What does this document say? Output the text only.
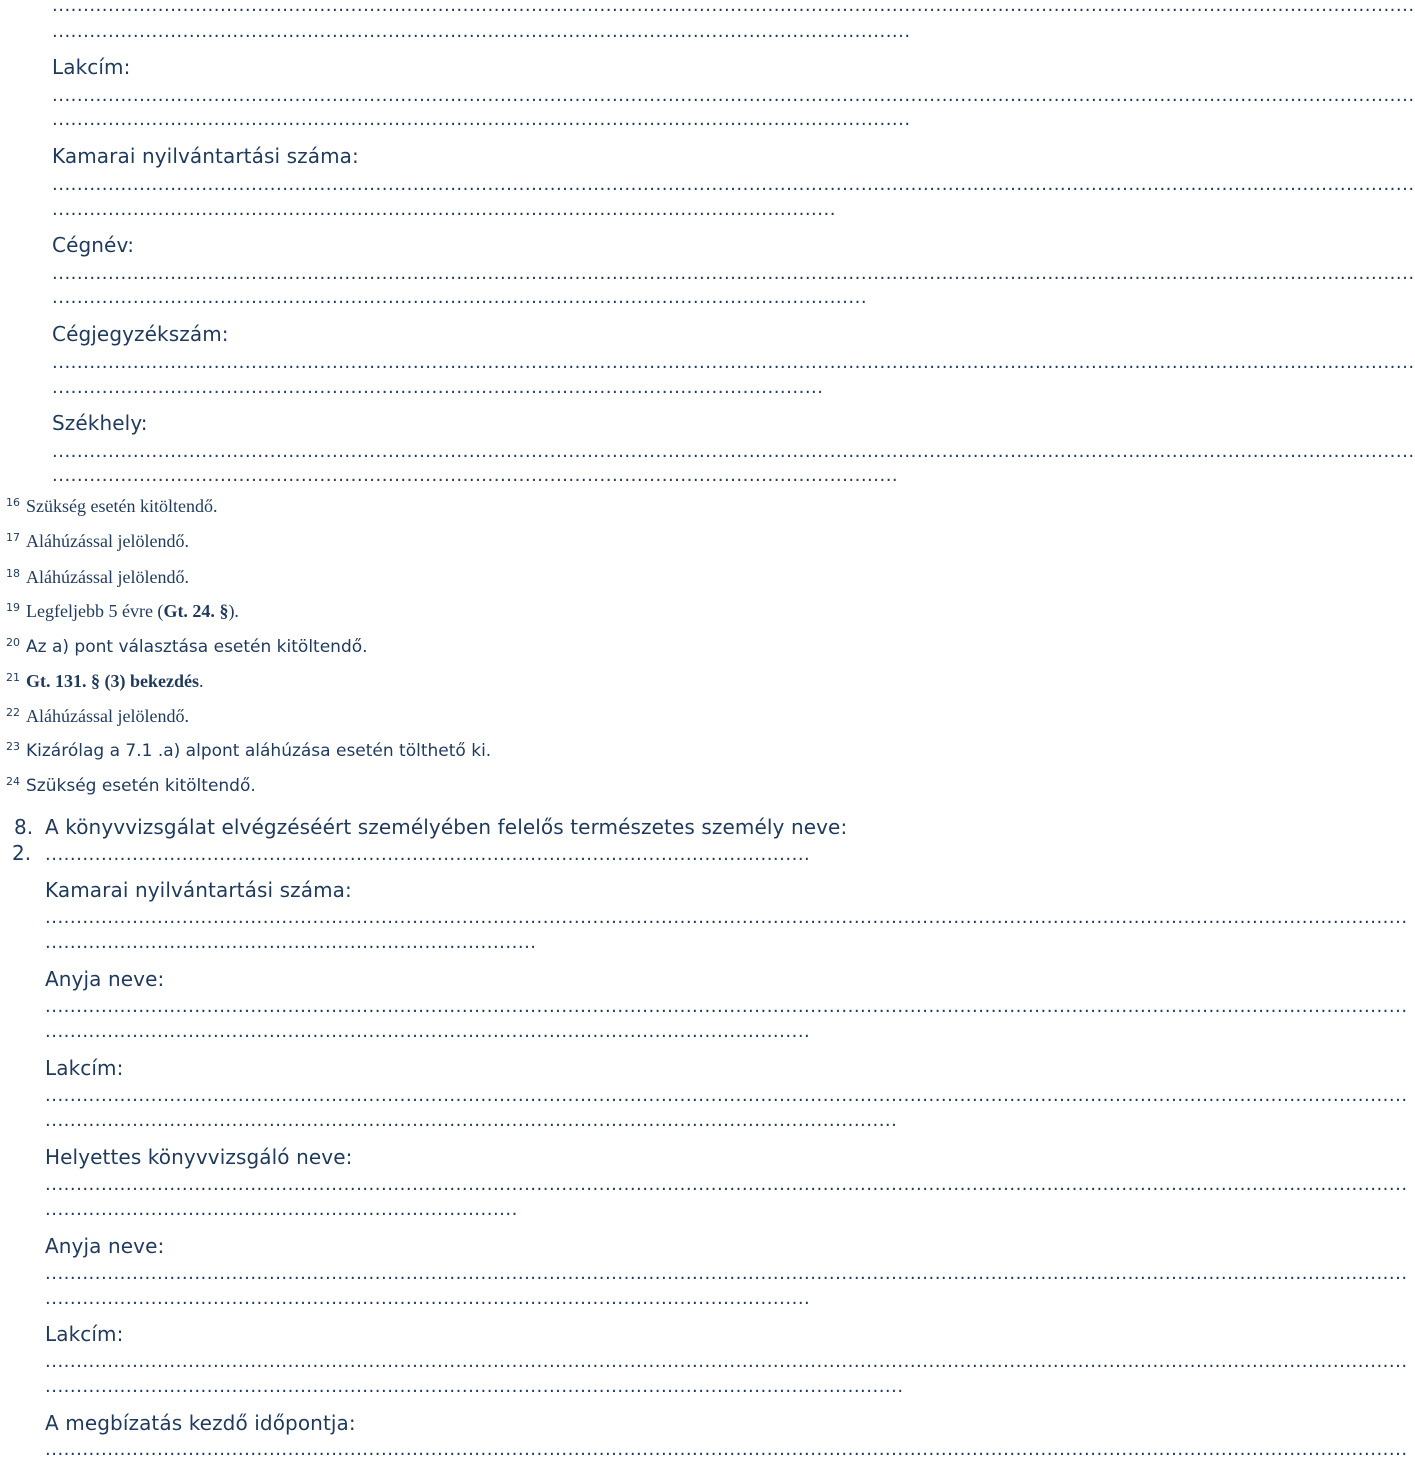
...........................................................................................................................................................................................................................
..........................................................................................................................................
Lakcím:
...........................................................................................................................................................................................................................
..........................................................................................................................................
Kamarai nyilvántartási száma:
...........................................................................................................................................................................................................................
..............................................................................................................................
Cégnév:
...........................................................................................................................................................................................................................
...................................................................................................................................
Cégjegyzékszám:
...........................................................................................................................................................................................................................
............................................................................................................................
Székhely:
...........................................................................................................................................................................................................................
........................................................................................................................................
$^{16}$ Szükség esetén kitöltendő.
$^{17}$ Aláhúzással jelölendő.
$^{18}$ Aláhúzással jelölendő.
$^{19}$ Legfeljebb 5 évre (Gt. 24. §).
$^{20}$ Az a) pont választása esetén kitöltendő.
$^{21}$ Gt. 131. § (3) bekezdés.
$^{22}$ Aláhúzással jelölendő.
$^{23}$ Kizárólag a 7.1 .a) alpont aláhúzása esetén tölthető ki.
$^{24}$ Szükség esetén kitöltendő.
8. A könyvvizsgálat elvégzéséért személyében felelős természetes személy neve:
2. ...........................................................................................................................
Kamarai nyilvántartási száma:
...........................................................................................................................................................................................................................
...............................................................................
Anyja neve:
...........................................................................................................................................................................................................................
...........................................................................................................................
Lakcím:
...........................................................................................................................................................................................................................
.........................................................................................................................................
Helyettes könyvvizsgáló neve:
...........................................................................................................................................................................................................................
............................................................................
Anyja neve:
...........................................................................................................................................................................................................................
...........................................................................................................................
Lakcím:
...........................................................................................................................................................................................................................
..........................................................................................................................................
A megbízatás kezdő időpontja:
...........................................................................................................................................................................................................................
